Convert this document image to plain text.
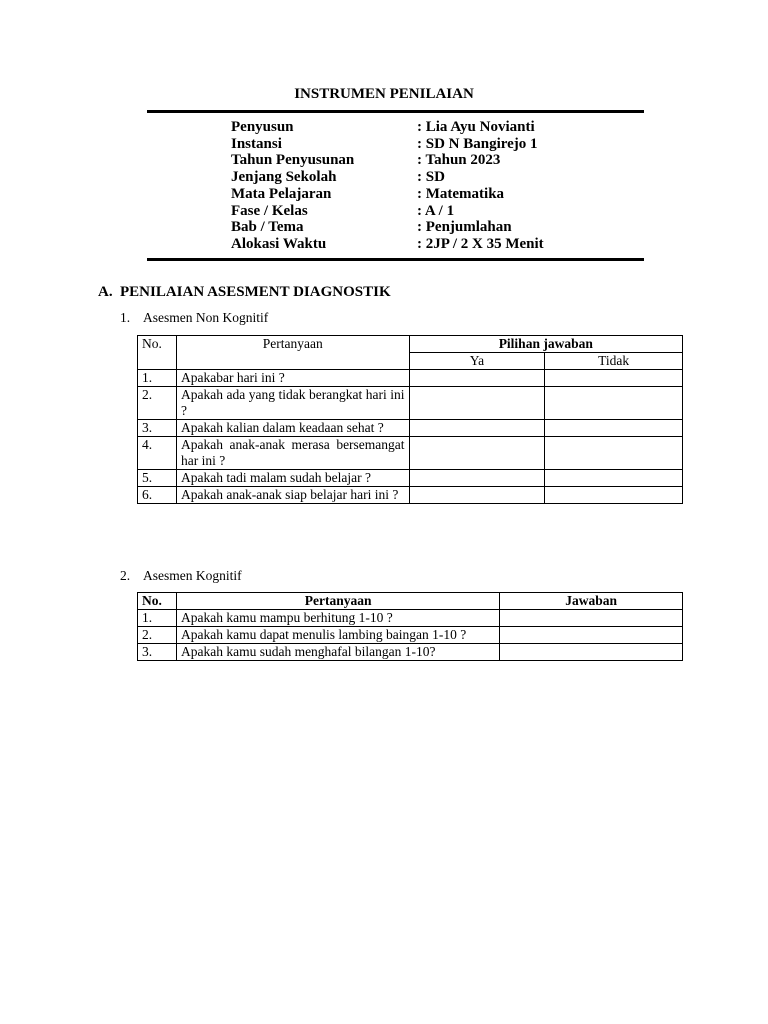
INSTRUMEN PENILAIAN
Penyusun	: Lia Ayu Novianti
Instansi	: SD N Bangirejo 1
Tahun Penyusunan	: Tahun 2023
Jenjang Sekolah	: SD
Mata Pelajaran	: Matematika
Fase / Kelas	: A / 1
Bab / Tema	: Penjumlahan
Alokasi Waktu	: 2JP / 2 X 35 Menit
A. PENILAIAN ASESMENT DIAGNOSTIK
1. Asesmen Non Kognitif
No.	Pertanyaan	Pilihan jawaban	
		Ya	Tidak
1.	Apakabar hari ini ?		
2.	Apakah ada yang tidak berangkat hari ini ?		
3.	Apakah kalian dalam keadaan sehat ?		
4.	Apakah anak-anak merasa bersemangat har ini ?		
5.	Apakah tadi malam sudah belajar ?		
6.	Apakah anak-anak siap belajar hari ini ?		
2. Asesmen Kognitif
No.	Pertanyaan	Jawaban
1.	Apakah kamu mampu berhitung 1-10 ?	
2.	Apakah kamu dapat menulis lambing baingan 1-10 ?	
3.	Apakah kamu sudah menghafal bilangan 1-10?	
